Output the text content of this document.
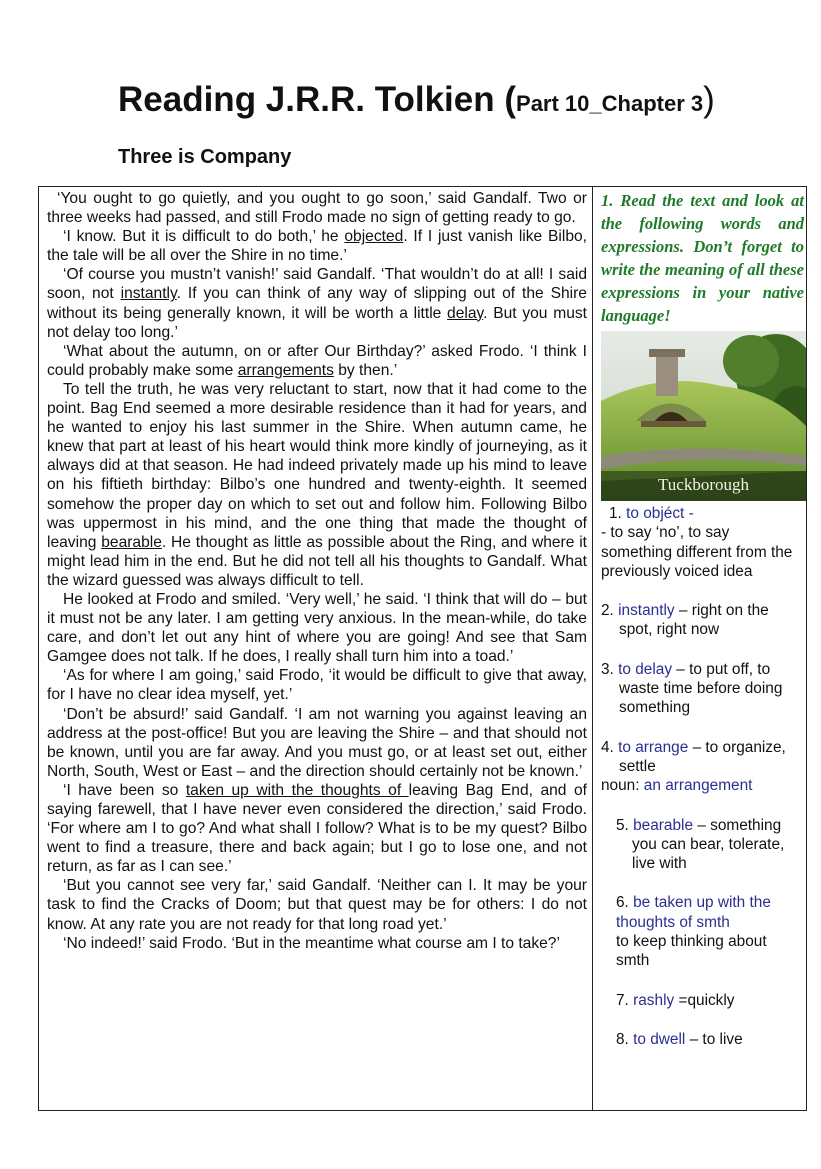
Reading J.R.R. Tolkien (Part 10_Chapter 3)
Three is Company

‘You ought to go quietly, and you ought to go soon,’ said Gandalf. Two or three weeks had passed, and still Frodo made no sign of getting ready to go.

‘I know. But it is difficult to do both,’ he objected. If I just vanish like Bilbo, the tale will be all over the Shire in no time.’

‘Of course you mustn’t vanish!’ said Gandalf. ‘That wouldn’t do at all! I said soon, not instantly. If you can think of any way of slipping out of the Shire without its being generally known, it will be worth a little delay. But you must not delay too long.’

‘What about the autumn, on or after Our Birthday?’ asked Frodo. ‘I think I could probably make some arrangements by then.’

To tell the truth, he was very reluctant to start, now that it had come to the point. Bag End seemed a more desirable residence than it had for years, and he wanted to enjoy his last summer in the Shire. When autumn came, he knew that part at least of his heart would think more kindly of journeying, as it always did at that season. He had indeed privately made up his mind to leave on his fiftieth birthday: Bilbo’s one hundred and twenty-eighth. It seemed somehow the proper day on which to set out and follow him. Following Bilbo was uppermost in his mind, and the one thing that made the thought of leaving bearable. He thought as little as possible about the Ring, and where it might lead him in the end. But he did not tell all his thoughts to Gandalf. What the wizard guessed was always difficult to tell.

He looked at Frodo and smiled. ‘Very well,’ he said. ‘I think that will do – but it must not be any later. I am getting very anxious. In the mean-while, do take care, and don’t let out any hint of where you are going! And see that Sam Gamgee does not talk. If he does, I really shall turn him into a toad.’

‘As for where I am going,’ said Frodo, ‘it would be difficult to give that away, for I have no clear idea myself, yet.’

‘Don’t be absurd!’ said Gandalf. ‘I am not warning you against leaving an address at the post-office! But you are leaving the Shire – and that should not be known, until you are far away. And you must go, or at least set out, either North, South, West or East – and the direction should certainly not be known.’

‘I have been so taken up with the thoughts of leaving Bag End, and of saying farewell, that I have never even considered the direction,’ said Frodo. ‘For where am I to go? And what shall I follow? What is to be my quest? Bilbo went to find a treasure, there and back again; but I go to lose one, and not return, as far as I can see.’

‘But you cannot see very far,’ said Gandalf. ‘Neither can I. It may be your task to find the Cracks of Doom; but that quest may be for others: I do not know. At any rate you are not ready for that long road yet.’

‘No indeed!’ said Frodo. ‘But in the meantime what course am I to take?’

1. Read the text and look at the following words and expressions. Don’t forget to write the meaning of all these expressions in your native language!
Tuckborough
1. to objéct -
- to say ‘no’, to say something different from the previously voiced idea
2. instantly – right on the spot, right now
3. to delay – to put off, to waste time before doing something
4. to arrange – to organize, settle
noun: an arrangement
5. bearable – something you can bear, tolerate, live with
6. be taken up with the thoughts of smth
to keep thinking about smth
7. rashly =quickly
8. to dwell – to live
